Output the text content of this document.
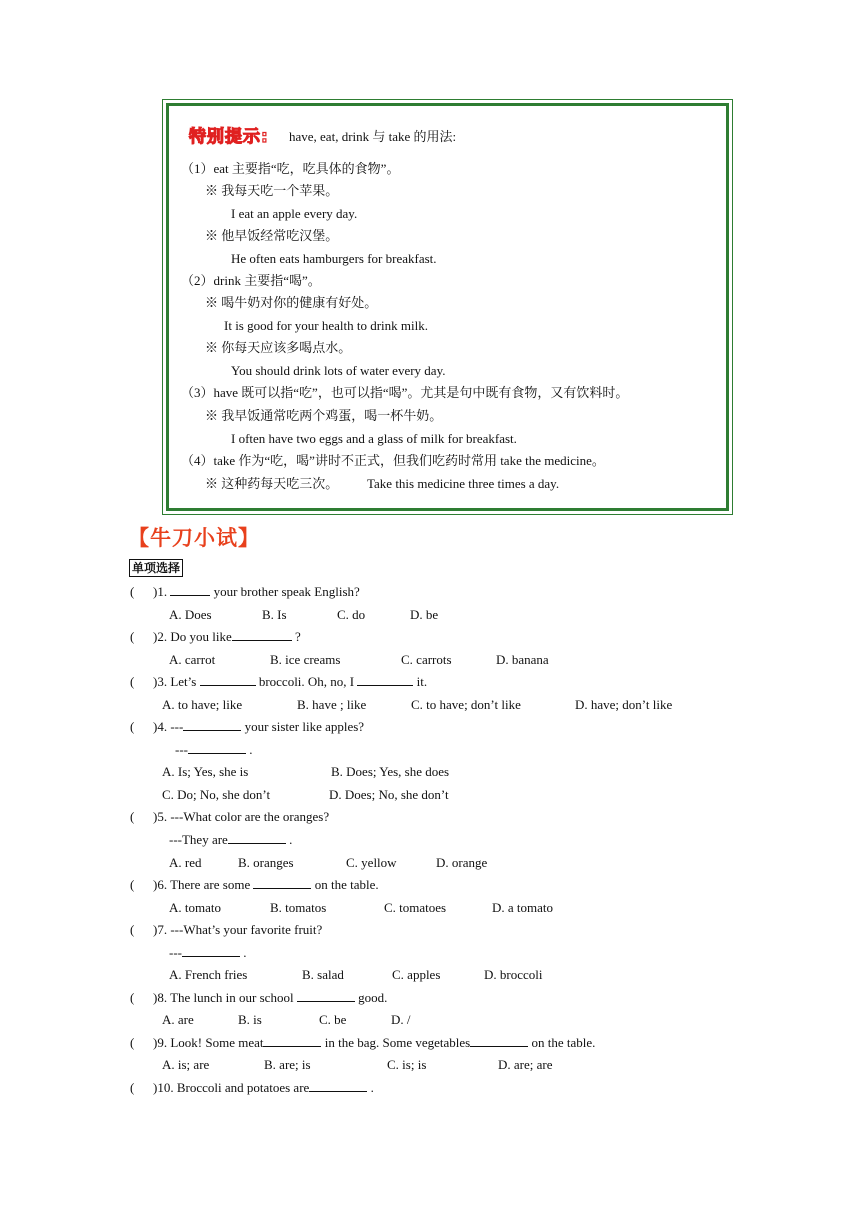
特别提示: have, eat, drink 与 take 的用法:
（1）eat 主要指“吃，吃具体的食物”。
※ 我每天吃一个苹果。
I eat an apple every day.
※ 他早饭经常吃汉堡。
He often eats hamburgers for breakfast.
（2）drink 主要指“喝”。
※ 喝牛奶对你的健康有好处。
It is good for your health to drink milk.
※ 你每天应该多喝点水。
You should drink lots of water every day.
（3）have 既可以指“吃”，也可以指“喝”。尤其是句中既有食物，又有饮料时。
※ 我早饭通常吃两个鸡蛋，喝一杯牛奶。
I often have two eggs and a glass of milk for breakfast.
（4）take 作为“吃，喝”讲时不正式，但我们吃药时常用 take the medicine。
※ 这种药每天吃三次。 Take this medicine three times a day.
【牛刀小试】
单项选择
( )1.	your brother speak English?
A. Does	B. Is	C. do	D. be
( )2. Do you like	?
A. carrot	B. ice creams	C. carrots	D. banana
( )3. Let’s	broccoli. Oh, no, I	it.
A. to have; like	B. have ; like	C. to have; don’t like	D. have; don’t like
( )4. ---	your sister like apples?
---	.
A. Is; Yes, she is	B. Does; Yes, she does
C. Do; No, she don’t	D. Does; No, she don’t
( )5. ---What color are the oranges?
---They are	.
A. red	B. oranges	C. yellow	D. orange
( )6. There are some	on the table.
A. tomato	B. tomatos	C. tomatoes	D. a tomato
( )7. ---What’s your favorite fruit?
---	.
A. French fries	B. salad	C. apples	D. broccoli
( )8. The lunch in our school	good.
A. are	B. is	C. be	D. /
( )9. Look! Some meat	in the bag. Some vegetables	on the table.
A. is; are	B. are; is	C. is; is	D. are; are
( )10. Broccoli and potatoes are	.
